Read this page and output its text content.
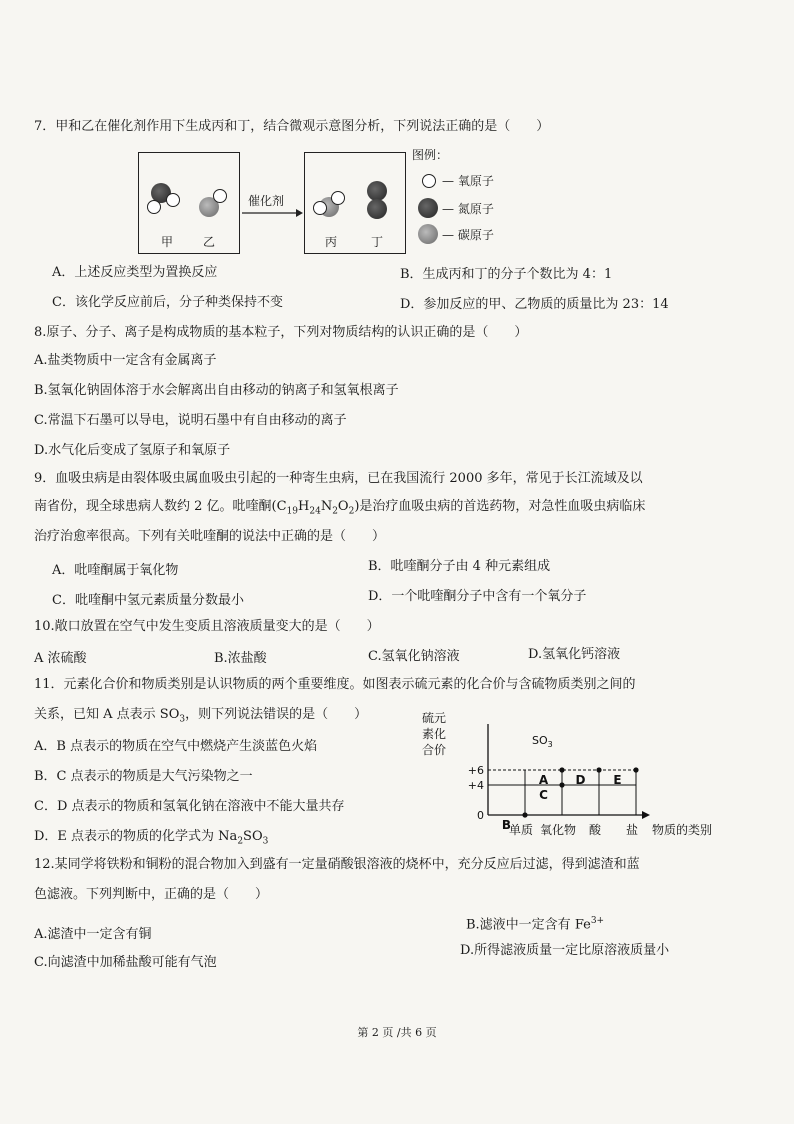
7．甲和乙在催化剂作用下生成丙和丁，结合微观示意图分析，下列说法正确的是（　　）
甲 乙
催化剂
丙	丁
图例：
— 氧原子
— 氮原子
— 碳原子
A．上述反应类型为置换反应	B．生成丙和丁的分子个数比为 4：1
C．该化学反应前后，分子种类保持不变	D．参加反应的甲、乙物质的质量比为 23：14
8.原子、分子、离子是构成物质的基本粒子，下列对物质结构的认识正确的是（　　）
A.盐类物质中一定含有金属离子
B.氢氧化钠固体溶于水会解离出自由移动的钠离子和氢氧根离子
C.常温下石墨可以导电，说明石墨中有自由移动的离子
D.水气化后变成了氢原子和氧原子
9．血吸虫病是由裂体吸虫属血吸虫引起的一种寄生虫病，已在我国流行 2000 多年，常见于长江流域及以
南省份，现全球患病人数约 2 亿。吡喹酮$(C_{19}H_{24}N_2O_2)$是治疗血吸虫病的首选药物，对急性血吸虫病临床
治疗治愈率很高。下列有关吡喹酮的说法中正确的是（　　）
A．吡喹酮属于氧化物	B．吡喹酮分子由 4 种元素组成
C．吡喹酮中氢元素质量分数最小	D．一个吡喹酮分子中含有一个氧分子
10.敞口放置在空气中发生变质且溶液质量变大的是（　　）
A 浓硫酸	B.浓盐酸	C.氢氧化钠溶液	D.氢氧化钙溶液
11．元素化合价和物质类别是认识物质的两个重要维度。如图表示硫元素的化合价与含硫物质类别之间的
关系，已知 A 点表示 $SO_3$，则下列说法错误的是（　　）
A．B 点表示的物质在空气中燃烧产生淡蓝色火焰
B．C 点表示的物质是大气污染物之一
C．D 点表示的物质和氢氧化钠在溶液中不能大量共存
D．E 点表示的物质的化学式为 $Na_2SO_3$
硫元
素化
合价
+6
+4
0
单质 氧化物 酸 盐
A
B
C
D E
$SO_3$
物质的类别
12.某同学将铁粉和铜粉的混合物加入到盛有一定量硝酸银溶液的烧杯中，充分反应后过滤，得到滤渣和蓝
色滤液。下列判断中，正确的是（　　）
B.滤液中一定含有 $Fe^{3+}$
A.滤渣中一定含有铜
D.所得滤液质量一定比原溶液质量小
C.向滤渣中加稀盐酸可能有气泡
第 2 页 /共 6 页
